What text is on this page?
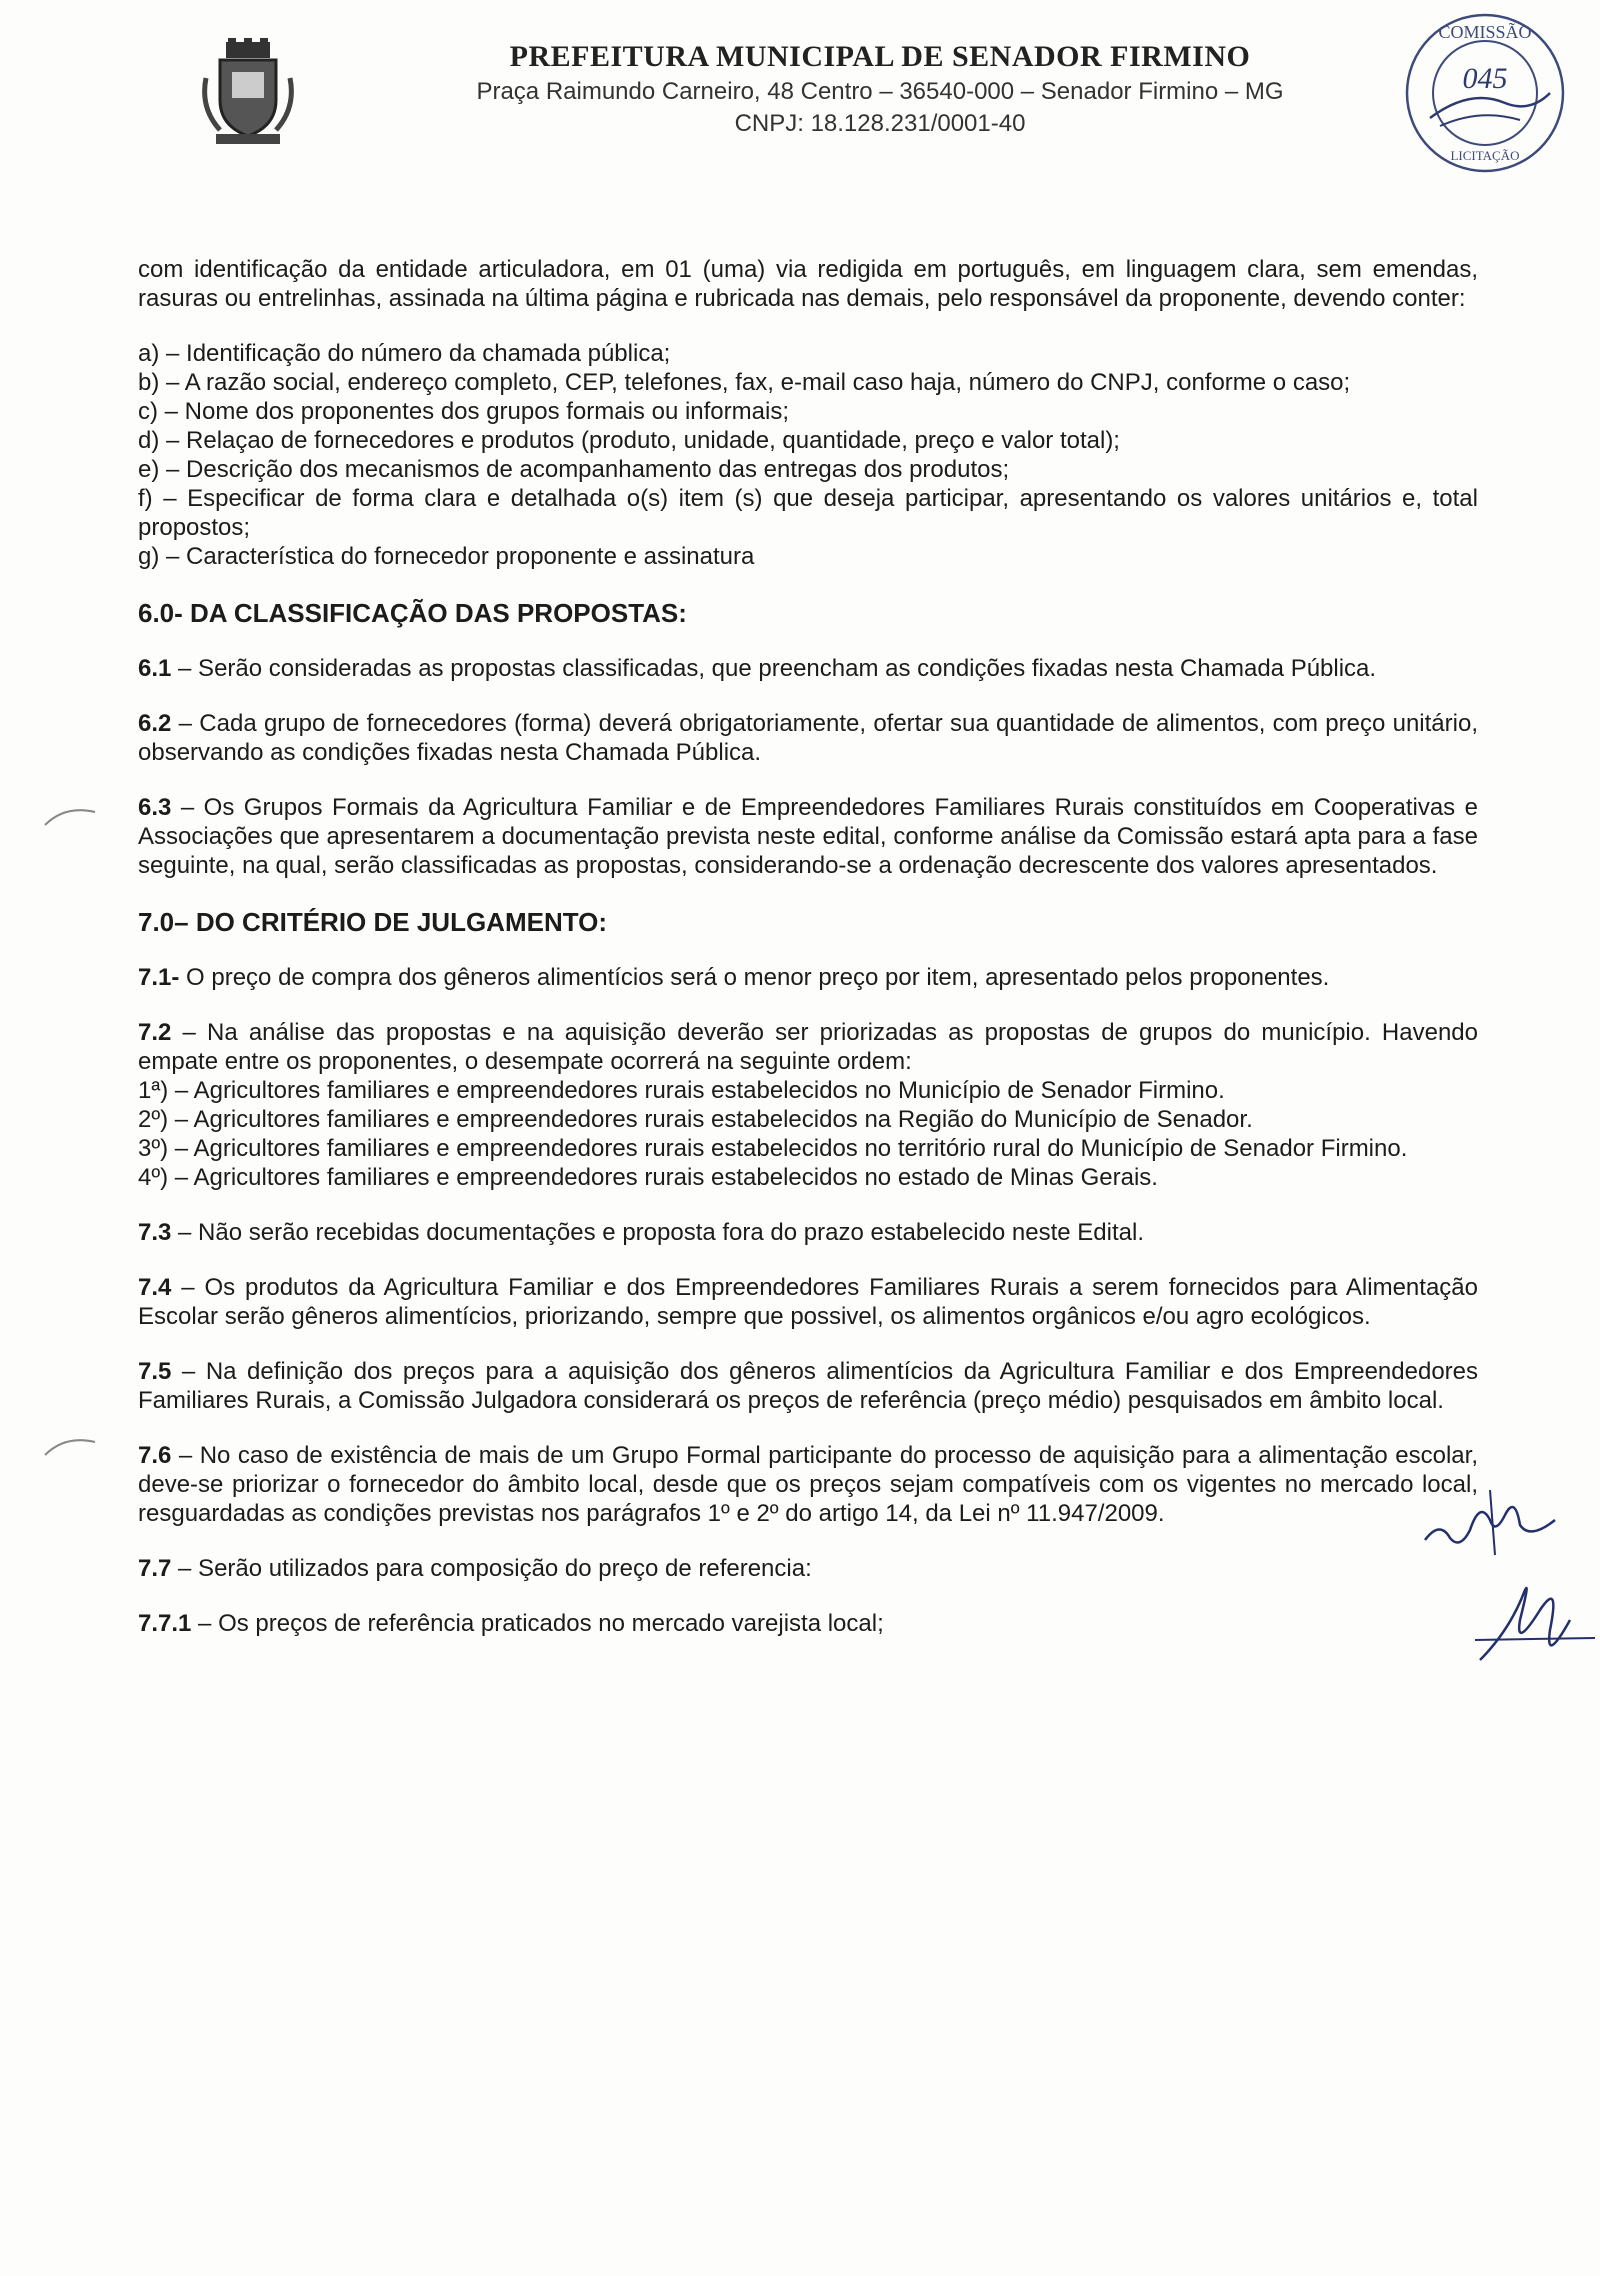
PREFEITURA MUNICIPAL DE SENADOR FIRMINO
Praça Raimundo Carneiro, 48 Centro – 36540-000 – Senador Firmino – MG
CNPJ: 18.128.231/0001-40
COMISSÃO
045
LICITAÇÃO

com identificação da entidade articuladora, em 01 (uma) via redigida em português, em linguagem clara, sem emendas, rasuras ou entrelinhas, assinada na última página e rubricada nas demais, pelo responsável da proponente, devendo conter:

a) – Identificação do número da chamada pública;

b) – A razão social, endereço completo, CEP, telefones, fax, e-mail caso haja, número do CNPJ, conforme o caso;

c) – Nome dos proponentes dos grupos formais ou informais;

d) – Relaçao de fornecedores e produtos (produto, unidade, quantidade, preço e valor total);

e) – Descrição dos mecanismos de acompanhamento das entregas dos produtos;

f) – Especificar de forma clara e detalhada o(s) item (s) que deseja participar, apresentando os valores unitários e, total propostos;

g) – Característica do fornecedor proponente e assinatura

6.0- DA CLASSIFICAÇÃO DAS PROPOSTAS:

6.1 – Serão consideradas as propostas classificadas, que preencham as condições fixadas nesta Chamada Pública.

6.2 – Cada grupo de fornecedores (forma) deverá obrigatoriamente, ofertar sua quantidade de alimentos, com preço unitário, observando as condições fixadas nesta Chamada Pública.

6.3 – Os Grupos Formais da Agricultura Familiar e de Empreendedores Familiares Rurais constituídos em Cooperativas e Associações que apresentarem a documentação prevista neste edital, conforme análise da Comissão estará apta para a fase seguinte, na qual, serão classificadas as propostas, considerando-se a ordenação decrescente dos valores apresentados.

7.0– DO CRITÉRIO DE JULGAMENTO:

7.1- O preço de compra dos gêneros alimentícios será o menor preço por item, apresentado pelos proponentes.

7.2 – Na análise das propostas e na aquisição deverão ser priorizadas as propostas de grupos do município. Havendo empate entre os proponentes, o desempate ocorrerá na seguinte ordem:

1ª) – Agricultores familiares e empreendedores rurais estabelecidos no Município de Senador Firmino.

2º) – Agricultores familiares e empreendedores rurais estabelecidos na Região do Município de Senador.

3º) – Agricultores familiares e empreendedores rurais estabelecidos no território rural do Município de Senador Firmino.

4º) – Agricultores familiares e empreendedores rurais estabelecidos no estado de Minas Gerais.

7.3 – Não serão recebidas documentações e proposta fora do prazo estabelecido neste Edital.

7.4 – Os produtos da Agricultura Familiar e dos Empreendedores Familiares Rurais a serem fornecidos para Alimentação Escolar serão gêneros alimentícios, priorizando, sempre que possivel, os alimentos orgânicos e/ou agro ecológicos.

7.5 – Na definição dos preços para a aquisição dos gêneros alimentícios da Agricultura Familiar e dos Empreendedores Familiares Rurais, a Comissão Julgadora considerará os preços de referência (preço médio) pesquisados em âmbito local.

7.6 – No caso de existência de mais de um Grupo Formal participante do processo de aquisição para a alimentação escolar, deve-se priorizar o fornecedor do âmbito local, desde que os preços sejam compatíveis com os vigentes no mercado local, resguardadas as condições previstas nos parágrafos 1º e 2º do artigo 14, da Lei nº 11.947/2009.

7.7 – Serão utilizados para composição do preço de referencia:

7.7.1 – Os preços de referência praticados no mercado varejista local;
